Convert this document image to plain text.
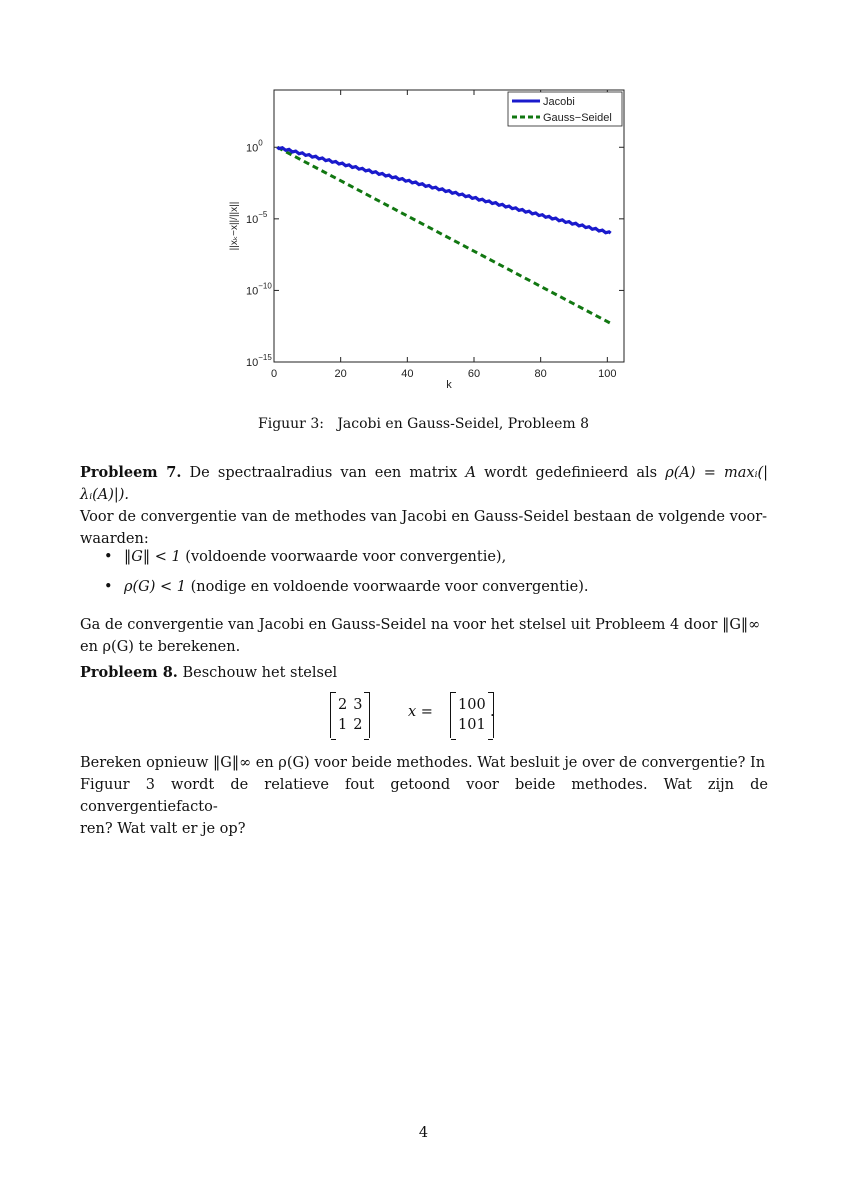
0	20	40	60	80	100
$10^0$
$10^{-5}$
$10^{-10}$
$10^{-15}$
k
||xₖ−x||/||x||
Jacobi
Gauss−Seidel
Figuur 3: Jacobi en Gauss-Seidel, Probleem 8
Probleem 7. De spectraalradius van een matrix A wordt gedefinieerd als ρ(A) = maxᵢ(|λᵢ(A)|).
Voor de convergentie van de methodes van Jacobi en Gauss-Seidel bestaan de volgende voor-
waarden:
• ‖G‖ < 1 (voldoende voorwaarde voor convergentie),
• ρ(G) < 1 (nodige en voldoende voorwaarde voor convergentie).
Ga de convergentie van Jacobi en Gauss-Seidel na voor het stelsel uit Probleem 4 door ‖G‖∞
en ρ(G) te berekenen.
Probleem 8. Beschouw het stelsel
2	3
1	2
x = 100
101
.
Bereken opnieuw ‖G‖∞ en ρ(G) voor beide methodes. Wat besluit je over de convergentie? In
Figuur 3 wordt de relatieve fout getoond voor beide methodes. Wat zijn de convergentiefacto-
ren? Wat valt er je op?
4
